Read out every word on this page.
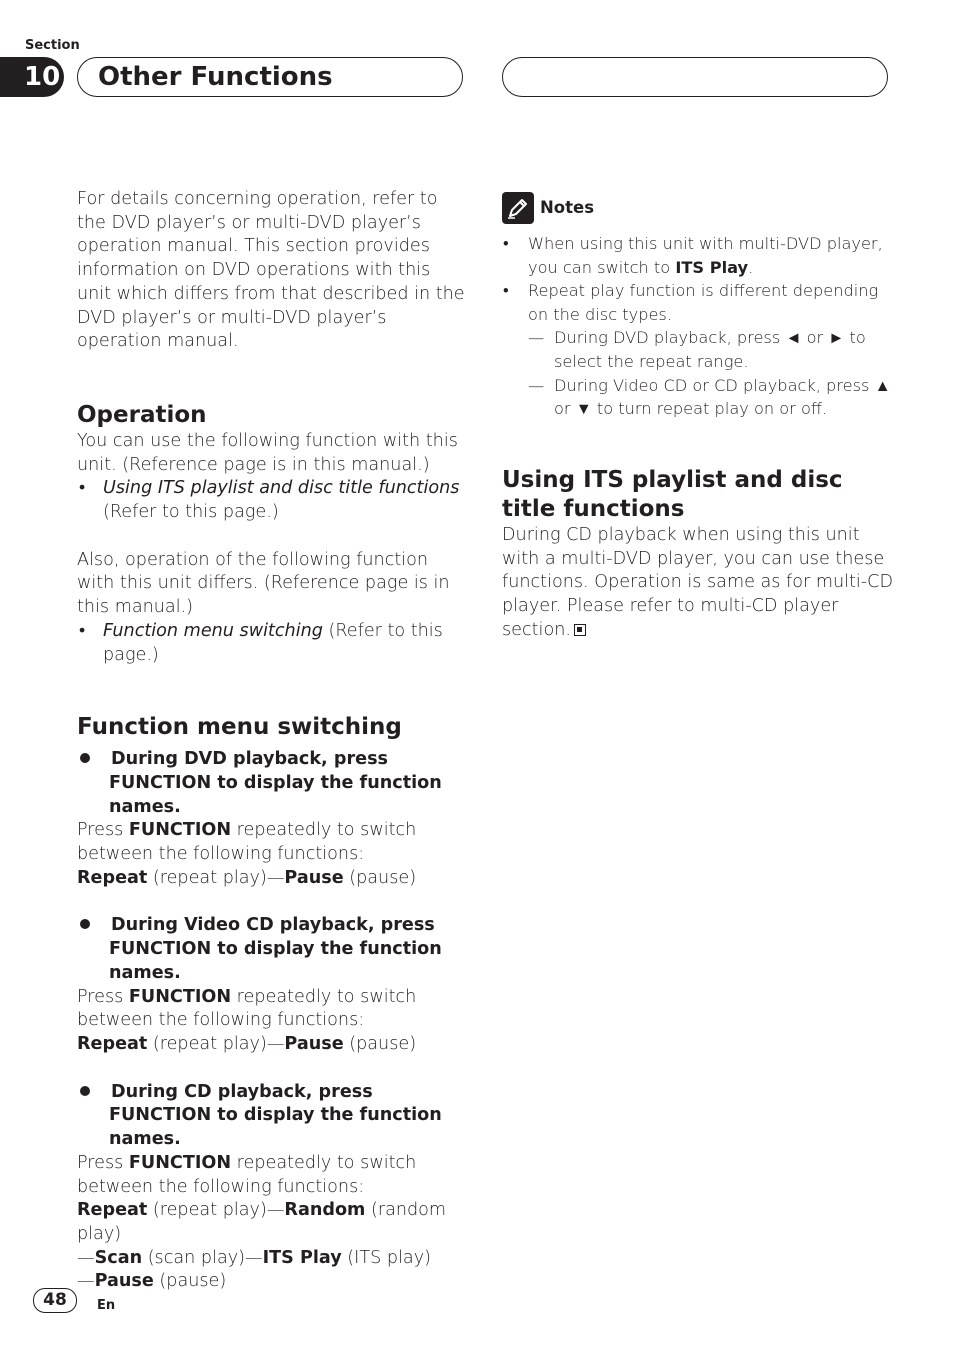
Section
10	Other Functions

For details concerning operation, refer to the DVD player’s or multi-DVD player’s operation manual. This section provides information on DVD operations with this unit which differs from that described in the DVD player’s or multi-DVD player’s operation manual.

Operation

You can use the following function with this unit. (Reference page is in this manual.)

• Using ITS playlist and disc title functions (Refer to this page.)

Also, operation of the following function with this unit differs. (Reference page is in this manual.)

• Function menu switching (Refer to this page.)
Function menu switching
During DVD playback, press FUNCTION to display the function names.

Press FUNCTION repeatedly to switch between the following functions:

Repeat (repeat play)—Pause (pause)

During Video CD playback, press FUNCTION to display the function names.

Press FUNCTION repeatedly to switch between the following functions:

Repeat (repeat play)—Pause (pause)

During CD playback, press FUNCTION to display the function names.

Press FUNCTION repeatedly to switch between the following functions:

Repeat (repeat play)—Random (random play)
—Scan (scan play)—ITS Play (ITS play)
—Pause (pause)

Notes
• When using this unit with multi-DVD player, you can switch to ITS Play.
• Repeat play function is different depending on the disc types.
— During DVD playback, press ◄ or ► to select the repeat range.
— During Video CD or CD playback, press ▲ or ▼ to turn repeat play on or off.
Using ITS playlist and disc title functions

During CD playback when using this unit with a multi-DVD player, you can use these functions. Operation is same as for multi-CD player. Please refer to multi-CD player section.

48	En
